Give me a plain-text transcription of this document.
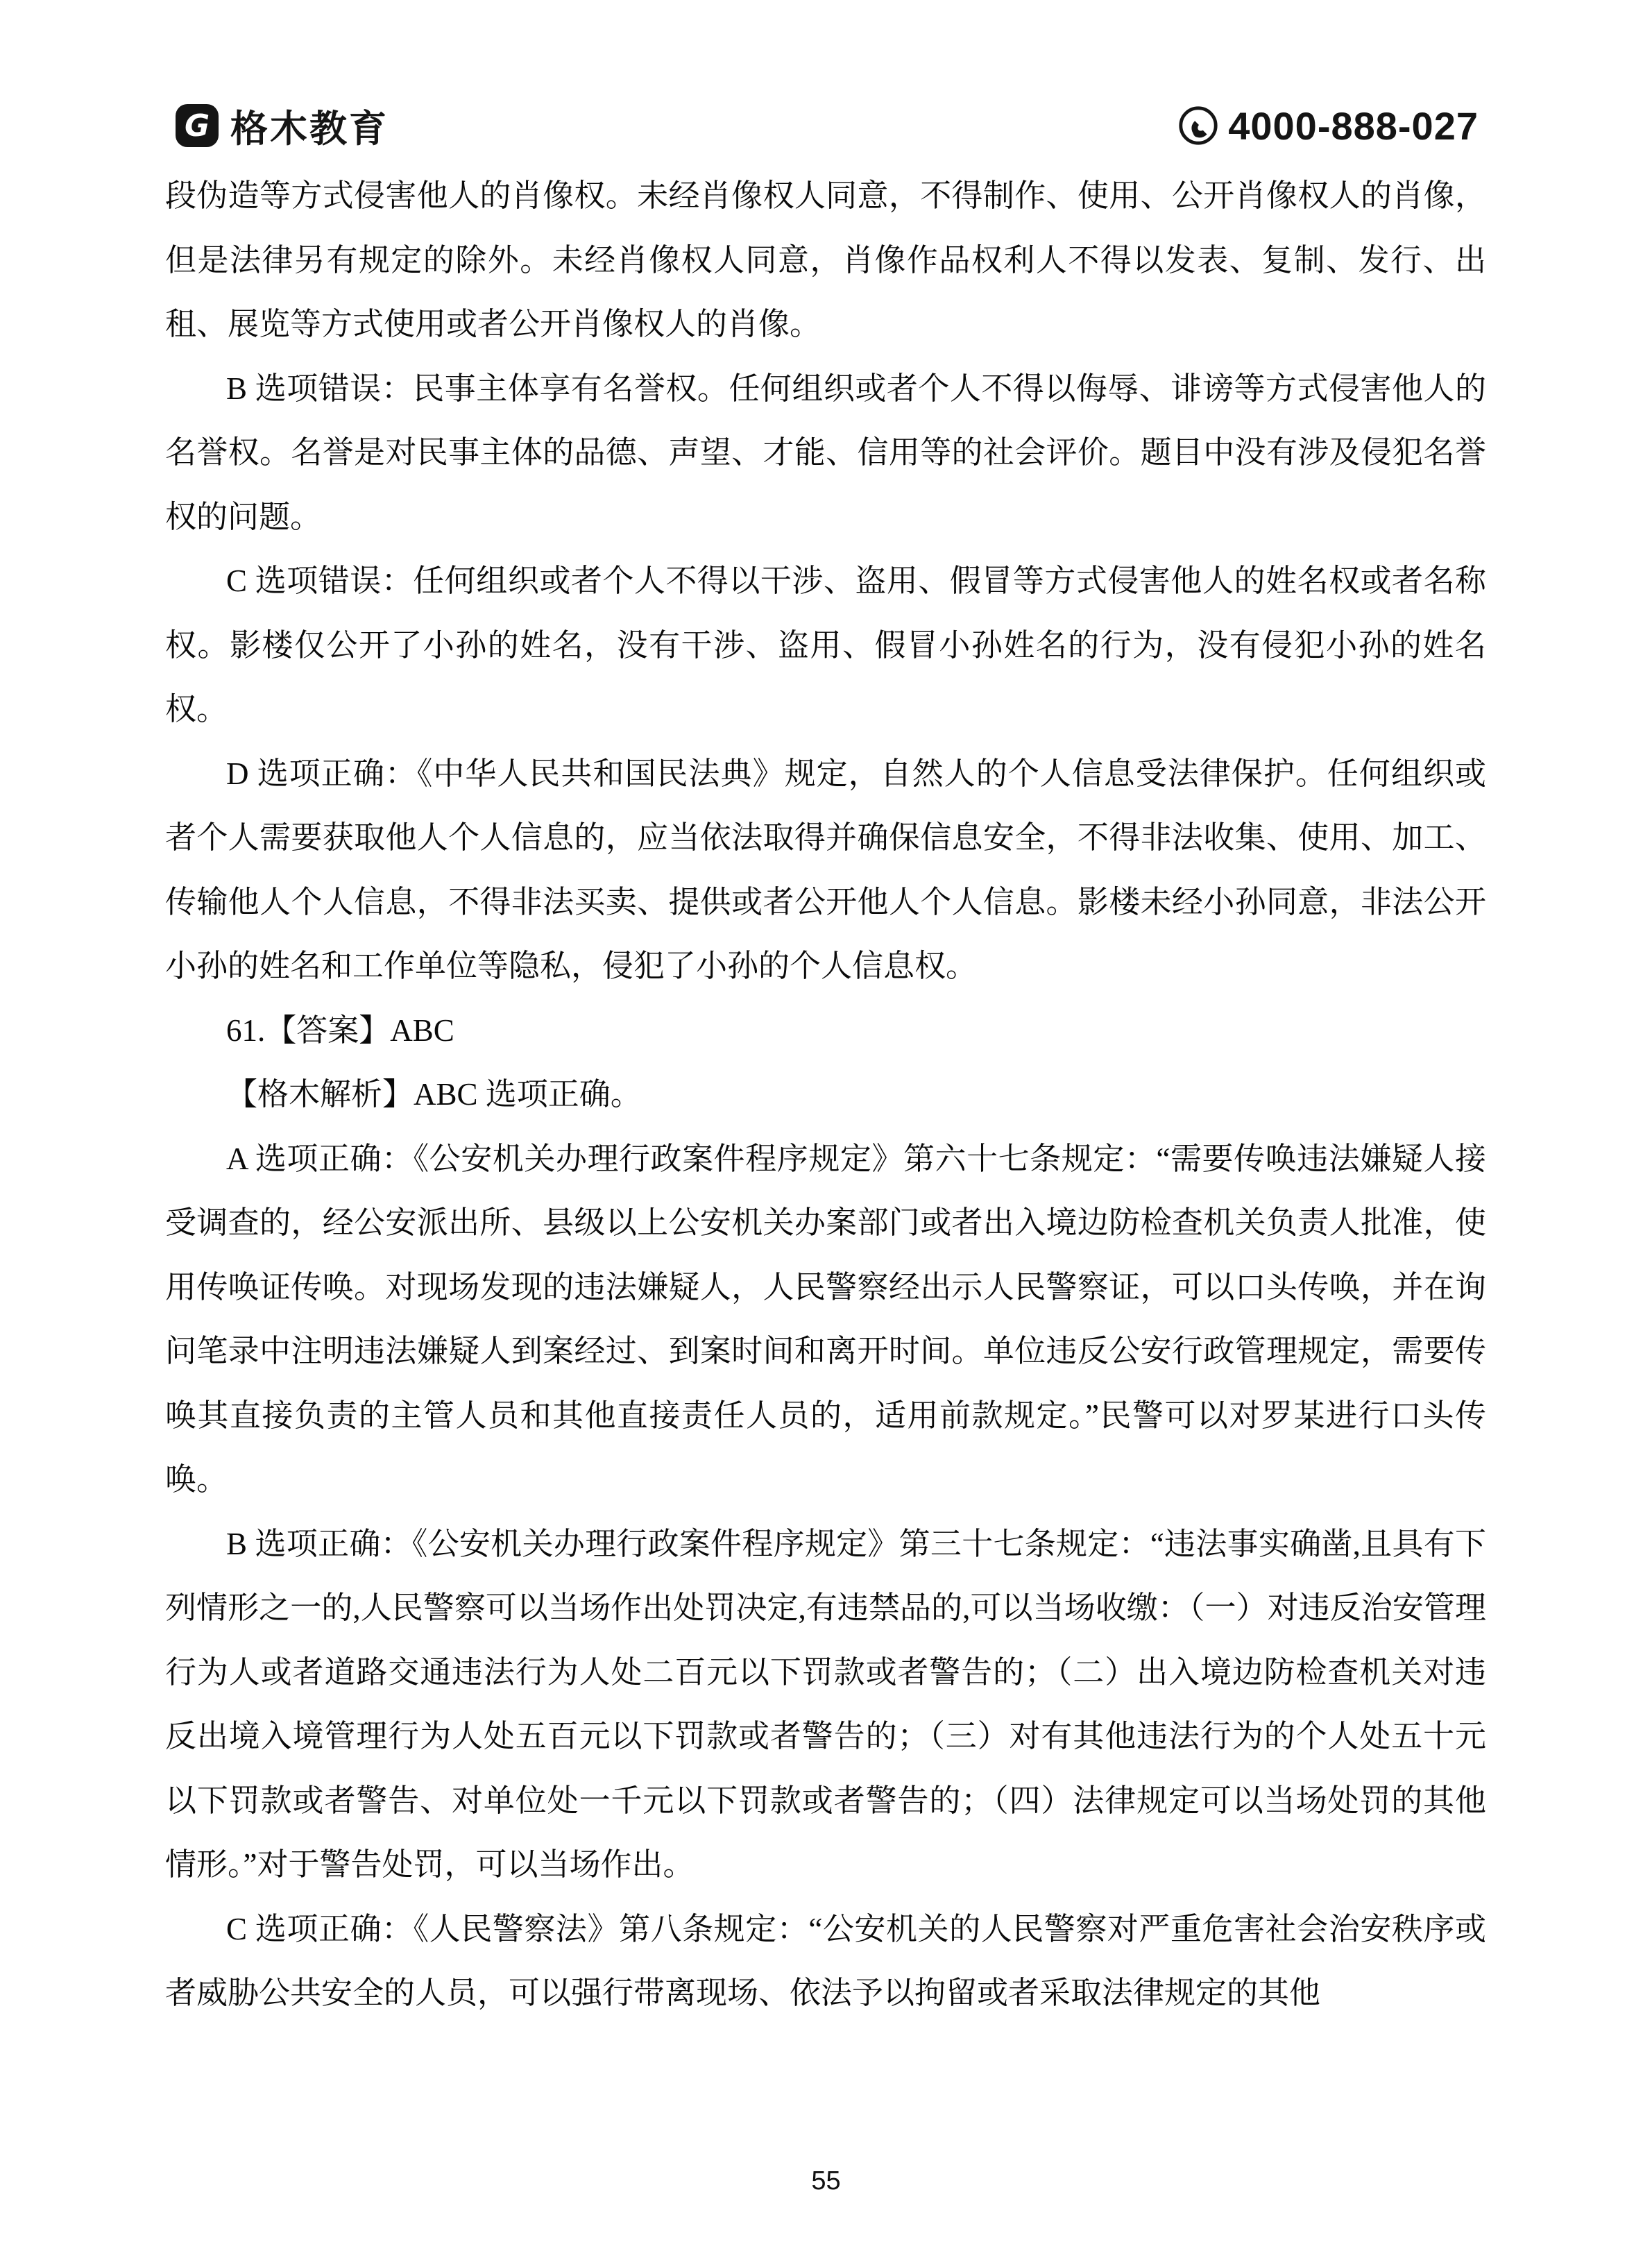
G 格木教育	4000-888-027

段伪造等方式侵害他人的肖像权。未经肖像权人同意，不得制作、使用、公开肖像权人的肖像，但是法律另有规定的除外。未经肖像权人同意，肖像作品权利人不得以发表、复制、发行、出租、展览等方式使用或者公开肖像权人的肖像。

B 选项错误：民事主体享有名誉权。任何组织或者个人不得以侮辱、诽谤等方式侵害他人的名誉权。名誉是对民事主体的品德、声望、才能、信用等的社会评价。题目中没有涉及侵犯名誉权的问题。

C 选项错误：任何组织或者个人不得以干涉、盗用、假冒等方式侵害他人的姓名权或者名称权。影楼仅公开了小孙的姓名，没有干涉、盗用、假冒小孙姓名的行为，没有侵犯小孙的姓名权。

D 选项正确：《中华人民共和国民法典》规定，自然人的个人信息受法律保护。任何组织或者个人需要获取他人个人信息的，应当依法取得并确保信息安全，不得非法收集、使用、加工、传输他人个人信息，不得非法买卖、提供或者公开他人个人信息。影楼未经小孙同意，非法公开小孙的姓名和工作单位等隐私，侵犯了小孙的个人信息权。

61.【答案】ABC

【格木解析】ABC 选项正确。

A 选项正确：《公安机关办理行政案件程序规定》第六十七条规定：“需要传唤违法嫌疑人接受调查的，经公安派出所、县级以上公安机关办案部门或者出入境边防检查机关负责人批准，使用传唤证传唤。对现场发现的违法嫌疑人，人民警察经出示人民警察证，可以口头传唤，并在询问笔录中注明违法嫌疑人到案经过、到案时间和离开时间。单位违反公安行政管理规定，需要传唤其直接负责的主管人员和其他直接责任人员的，适用前款规定。”民警可以对罗某进行口头传唤。

B 选项正确：《公安机关办理行政案件程序规定》第三十七条规定：“违法事实确凿,且具有下列情形之一的,人民警察可以当场作出处罚决定,有违禁品的,可以当场收缴：（一）对违反治安管理行为人或者道路交通违法行为人处二百元以下罚款或者警告的；（二）出入境边防检查机关对违反出境入境管理行为人处五百元以下罚款或者警告的；（三）对有其他违法行为的个人处五十元以下罚款或者警告、对单位处一千元以下罚款或者警告的；（四）法律规定可以当场处罚的其他情形。”对于警告处罚，可以当场作出。

C 选项正确：《人民警察法》第八条规定：“公安机关的人民警察对严重危害社会治安秩序或者威胁公共安全的人员，可以强行带离现场、依法予以拘留或者采取法律规定的其他

55
